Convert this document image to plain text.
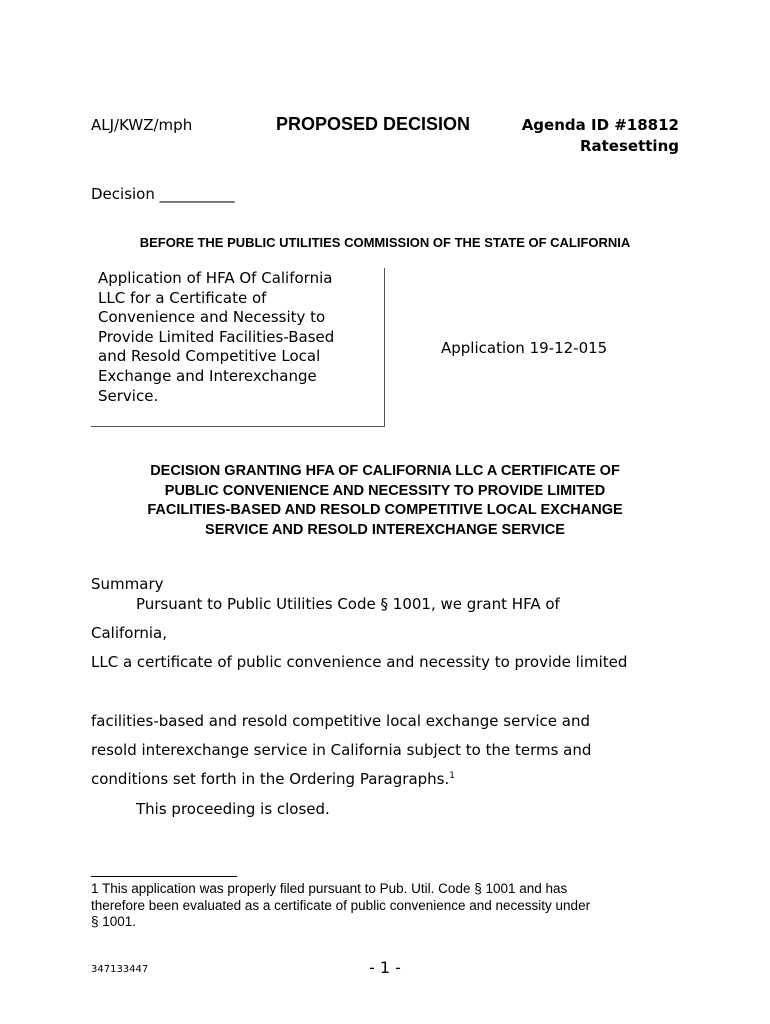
ALJ/KWZ/mph	PROPOSED DECISION	Agenda ID #18812
Ratesetting
Decision __________
BEFORE THE PUBLIC UTILITIES COMMISSION OF THE STATE OF CALIFORNIA
Application of HFA Of California
LLC for a Certificate of
Convenience and Necessity to
Provide Limited Facilities-Based
and Resold Competitive Local
Exchange and Interexchange
Service.
Application 19-12-015
DECISION GRANTING HFA OF CALIFORNIA LLC A CERTIFICATE OF
PUBLIC CONVENIENCE AND NECESSITY TO PROVIDE LIMITED
FACILITIES-BASED AND RESOLD COMPETITIVE LOCAL EXCHANGE
SERVICE AND RESOLD INTEREXCHANGE SERVICE
Summary
Pursuant to Public Utilities Code § 1001, we grant HFA of
California,
LLC a certificate of public convenience and necessity to provide limited
facilities-based and resold competitive local exchange service and
resold interexchange service in California subject to the terms and
conditions set forth in the Ordering Paragraphs.$^1$
This proceeding is closed.
1 This application was properly filed pursuant to Pub. Util. Code § 1001 and has
therefore been evaluated as a certificate of public convenience and necessity under
§ 1001.
347133447	- 1 -
